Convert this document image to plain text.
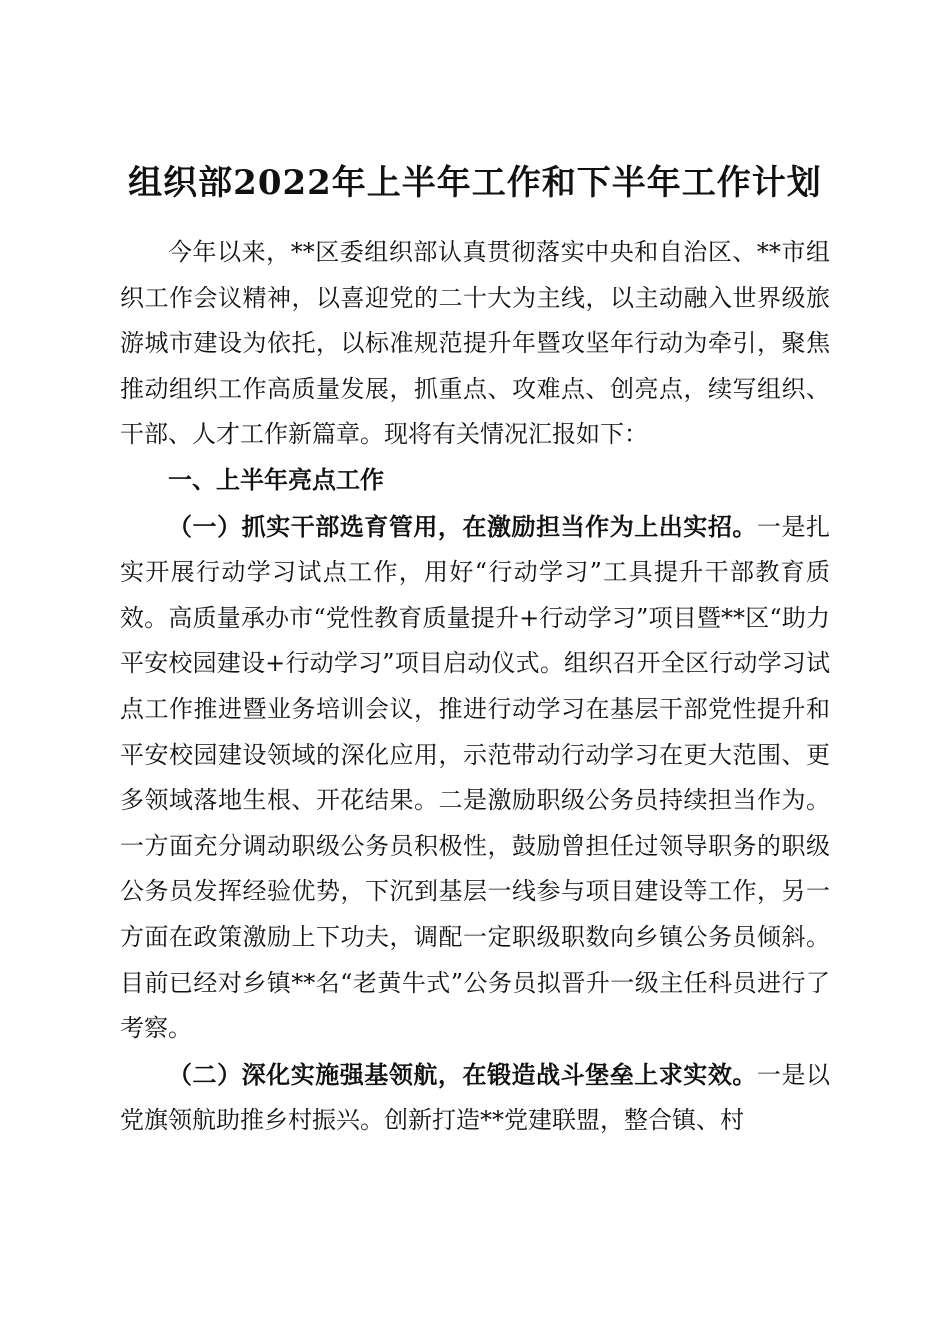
组织部2022年上半年工作和下半年工作计划

今年以来，**区委组织部认真贯彻落实中央和自治区、**市组织工作会议精神，以喜迎党的二十大为主线，以主动融入世界级旅游城市建设为依托，以标准规范提升年暨攻坚年行动为牵引，聚焦推动组织工作高质量发展，抓重点、攻难点、创亮点，续写组织、干部、人才工作新篇章。现将有关情况汇报如下：

一、上半年亮点工作

（一）抓实干部选育管用，在激励担当作为上出实招。一是扎实开展行动学习试点工作，用好“行动学习”工具提升干部教育质效。高质量承办市“党性教育质量提升+行动学习”项目暨**区“助力平安校园建设+行动学习”项目启动仪式。组织召开全区行动学习试点工作推进暨业务培训会议，推进行动学习在基层干部党性提升和平安校园建设领域的深化应用，示范带动行动学习在更大范围、更多领域落地生根、开花结果。二是激励职级公务员持续担当作为。一方面充分调动职级公务员积极性，鼓励曾担任过领导职务的职级公务员发挥经验优势，下沉到基层一线参与项目建设等工作，另一方面在政策激励上下功夫，调配一定职级职数向乡镇公务员倾斜。目前已经对乡镇**名“老黄牛式”公务员拟晋升一级主任科员进行了考察。

（二）深化实施强基领航，在锻造战斗堡垒上求实效。一是以党旗领航助推乡村振兴。创新打造**党建联盟，整合镇、村
